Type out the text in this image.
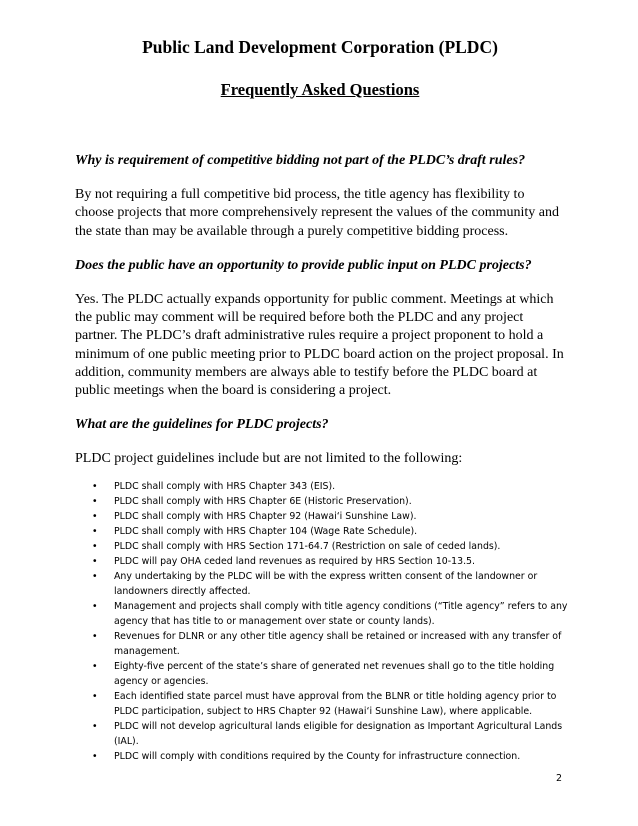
Public Land Development Corporation (PLDC)
Frequently Asked Questions

Why is requirement of competitive bidding not part of the PLDC’s draft rules?

By not requiring a full competitive bid process, the title agency has flexibility to choose projects that more comprehensively represent the values of the community and the state than may be available through a purely competitive bidding process.

Does the public have an opportunity to provide public input on PLDC projects?

Yes. The PLDC actually expands opportunity for public comment. Meetings at which the public may comment will be required before both the PLDC and any project partner. The PLDC’s draft administrative rules require a project proponent to hold a minimum of one public meeting prior to PLDC board action on the project proposal. In addition, community members are always able to testify before the PLDC board at public meetings when the board is considering a project.

What are the guidelines for PLDC projects?

PLDC project guidelines include but are not limited to the following:

• PLDC shall comply with HRS Chapter 343 (EIS).
• PLDC shall comply with HRS Chapter 6E (Historic Preservation).
• PLDC shall comply with HRS Chapter 92 (Hawai‘i Sunshine Law).
• PLDC shall comply with HRS Chapter 104 (Wage Rate Schedule).
• PLDC shall comply with HRS Section 171-64.7 (Restriction on sale of ceded lands).
• PLDC will pay OHA ceded land revenues as required by HRS Section 10-13.5.
• Any undertaking by the PLDC will be with the express written consent of the landowner or
landowners directly affected.
• Management and projects shall comply with title agency conditions (“Title agency” refers to any
agency that has title to or management over state or county lands).
• Revenues for DLNR or any other title agency shall be retained or increased with any transfer of
management.
• Eighty-five percent of the state’s share of generated net revenues shall go to the title holding
agency or agencies.
• Each identified state parcel must have approval from the BLNR or title holding agency prior to
PLDC participation, subject to HRS Chapter 92 (Hawai‘i Sunshine Law), where applicable.
• PLDC will not develop agricultural lands eligible for designation as Important Agricultural Lands
(IAL).
• PLDC will comply with conditions required by the County for infrastructure connection.
2
